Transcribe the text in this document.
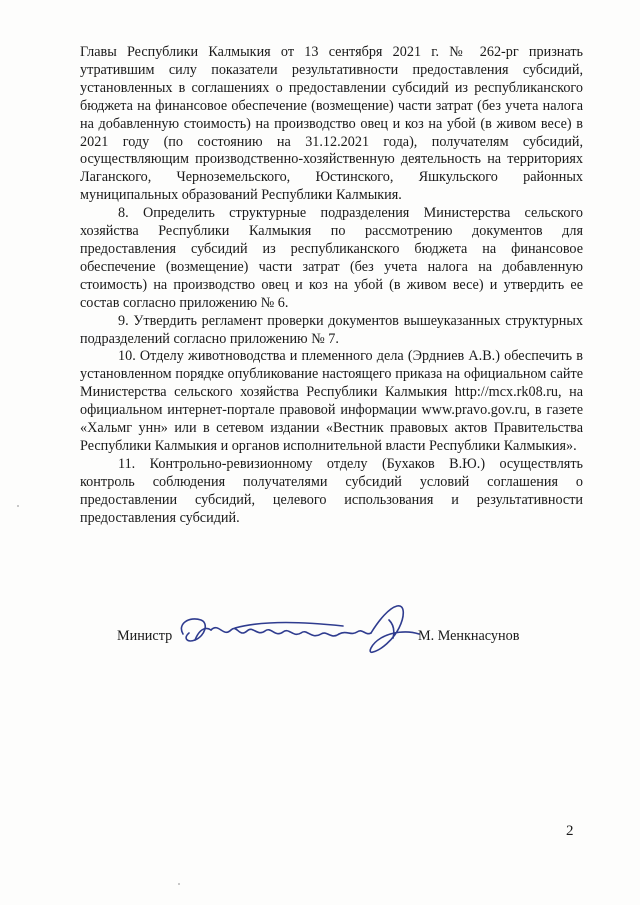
Главы Республики Калмыкия от 13 сентября 2021 г. № 262-рг признать утратившим силу показатели результативности предоставления субсидий, установленных в соглашениях о предоставлении субсидий из республиканского бюджета на финансовое обеспечение (возмещение) части затрат (без учета налога на добавленную стоимость) на производство овец и коз на убой (в живом весе) в 2021 году (по состоянию на 31.12.2021 года), получателям субсидий, осуществляющим производственно-хозяйственную деятельность на территориях Лаганского, Черноземельского, Юстинского, Яшкульского районных муниципальных образований Республики Калмыкия.

8. Определить структурные подразделения Министерства сельского хозяйства Республики Калмыкия по рассмотрению документов для предоставления субсидий из республиканского бюджета на финансовое обеспечение (возмещение) части затрат (без учета налога на добавленную стоимость) на производство овец и коз на убой (в живом весе) и утвердить ее состав согласно приложению № 6.

9. Утвердить регламент проверки документов вышеуказанных структурных подразделений согласно приложению № 7.

10. Отделу животноводства и племенного дела (Эрдниев А.В.) обеспечить в установленном порядке опубликование настоящего приказа на официальном сайте Министерства сельского хозяйства Республики Калмыкия http://mcx.rk08.ru, на официальном интернет-портале правовой информации www.pravo.gov.ru, в газете «Хальмг унн» или в сетевом издании «Вестник правовых актов Правительства Республики Калмыкия и органов исполнительной власти Республики Калмыкия».

11. Контрольно-ревизионному отделу (Бухаков В.Ю.) осуществлять контроль соблюдения получателями субсидий условий соглашения о предоставлении субсидий, целевого использования и результативности предоставления субсидий.

Министр	М. Менкнасунов
2
